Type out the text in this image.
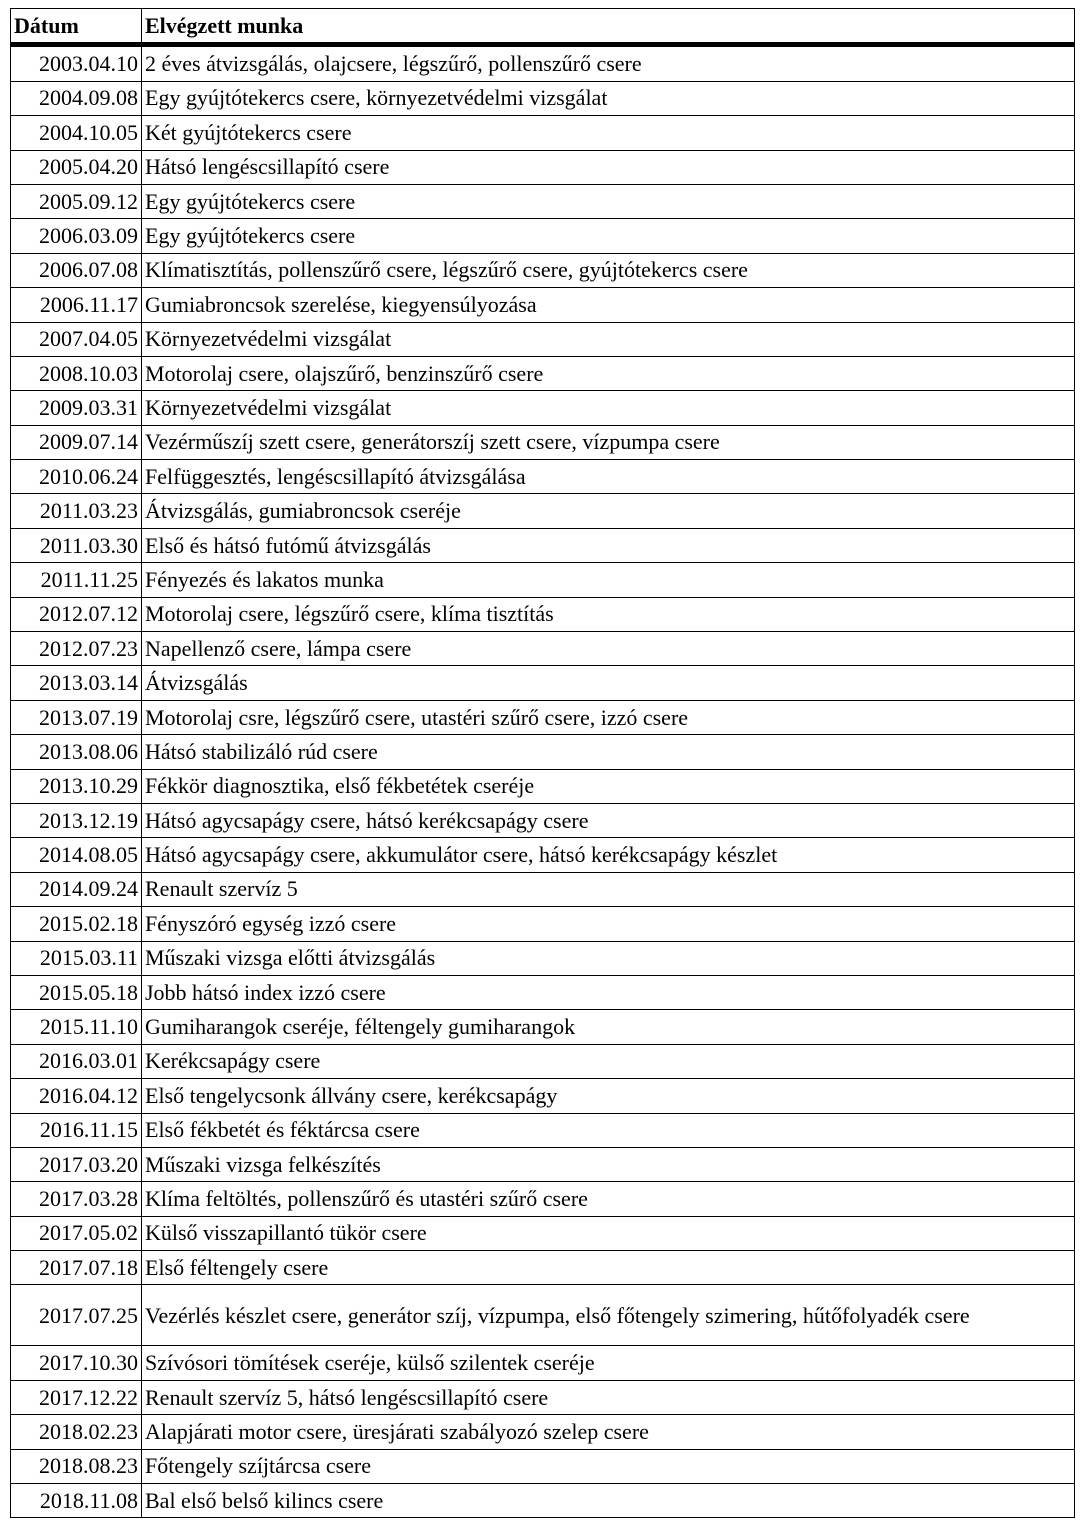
Dátum	Elvégzett munka
2003.04.10	2 éves átvizsgálás, olajcsere, légszűrő, pollenszűrő csere
2004.09.08	Egy gyújtótekercs csere, környezetvédelmi vizsgálat
2004.10.05	Két gyújtótekercs csere
2005.04.20	Hátsó lengéscsillapító csere
2005.09.12	Egy gyújtótekercs csere
2006.03.09	Egy gyújtótekercs csere
2006.07.08	Klímatisztítás, pollenszűrő csere, légszűrő csere, gyújtótekercs csere
2006.11.17	Gumiabroncsok szerelése, kiegyensúlyozása
2007.04.05	Környezetvédelmi vizsgálat
2008.10.03	Motorolaj csere, olajszűrő, benzinszűrő csere
2009.03.31	Környezetvédelmi vizsgálat
2009.07.14	Vezérműszíj szett csere, generátorszíj szett csere, vízpumpa csere
2010.06.24	Felfüggesztés, lengéscsillapító átvizsgálása
2011.03.23	Átvizsgálás, gumiabroncsok cseréje
2011.03.30	Első és hátsó futómű átvizsgálás
2011.11.25	Fényezés és lakatos munka
2012.07.12	Motorolaj csere, légszűrő csere, klíma tisztítás
2012.07.23	Napellenző csere, lámpa csere
2013.03.14	Átvizsgálás
2013.07.19	Motorolaj csre, légszűrő csere, utastéri szűrő csere, izzó csere
2013.08.06	Hátsó stabilizáló rúd csere
2013.10.29	Fékkör diagnosztika, első fékbetétek cseréje
2013.12.19	Hátsó agycsapágy csere, hátsó kerékcsapágy csere
2014.08.05	Hátsó agycsapágy csere, akkumulátor csere, hátsó kerékcsapágy készlet
2014.09.24	Renault szervíz 5
2015.02.18	Fényszóró egység izzó csere
2015.03.11	Műszaki vizsga előtti átvizsgálás
2015.05.18	Jobb hátsó index izzó csere
2015.11.10	Gumiharangok cseréje, féltengely gumiharangok
2016.03.01	Kerékcsapágy csere
2016.04.12	Első tengelycsonk állvány csere, kerékcsapágy
2016.11.15	Első fékbetét és féktárcsa csere
2017.03.20	Műszaki vizsga felkészítés
2017.03.28	Klíma feltöltés, pollenszűrő és utastéri szűrő csere
2017.05.02	Külső visszapillantó tükör csere
2017.07.18	Első féltengely csere
2017.07.25	Vezérlés készlet csere, generátor szíj, vízpumpa, első főtengely szimering, hűtőfolyadék csere
2017.10.30	Szívósori tömítések cseréje, külső szilentek cseréje
2017.12.22	Renault szervíz 5, hátsó lengéscsillapító csere
2018.02.23	Alapjárati motor csere, üresjárati szabályozó szelep csere
2018.08.23	Főtengely szíjtárcsa csere
2018.11.08	Bal első belső kilincs csere
